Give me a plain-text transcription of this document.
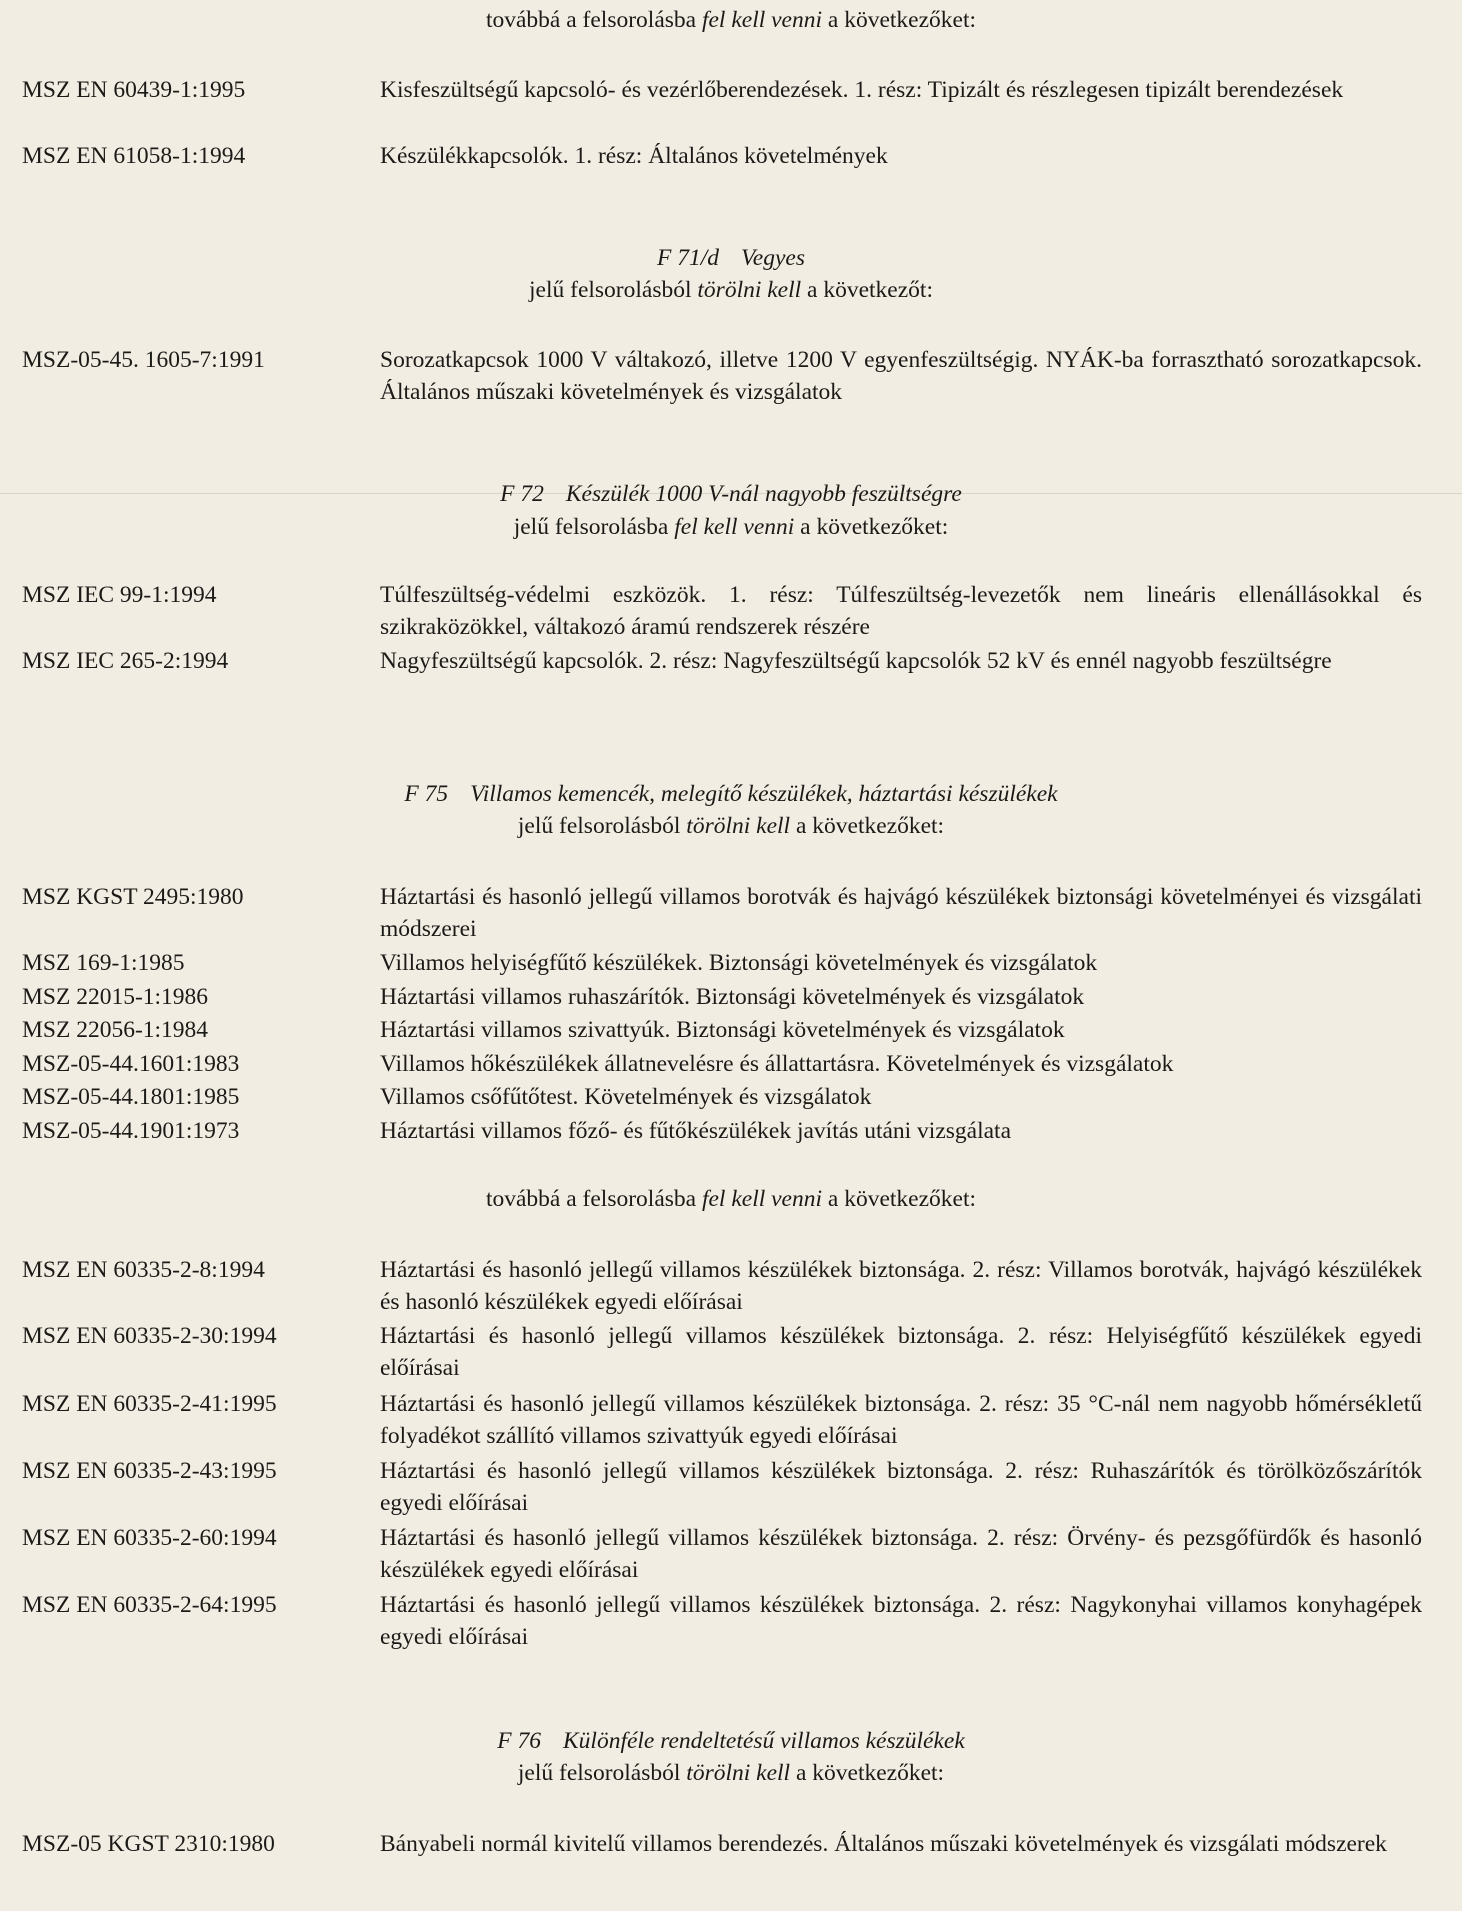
továbbá a felsorolásba fel kell venni a következőket:
MSZ EN 60439-1:1995	Kisfeszültségű kapcsoló- és vezérlőberendezések. 1. rész: Tipizált és részlegesen tipizált berendezések
MSZ EN 61058-1:1994	Készülékkapcsolók. 1. rész: Általános követelmények
F 71/d Vegyes
jelű felsorolásból törölni kell a következőt:
MSZ-05-45. 1605-7:1991	Sorozatkapcsok 1000 V váltakozó, illetve 1200 V egyenfeszültségig. NYÁK-ba forrasztható sorozatkapcsok. Általános műszaki követelmények és vizsgálatok
F 72 Készülék 1000 V-nál nagyobb feszültségre
jelű felsorolásba fel kell venni a következőket:
MSZ IEC 99-1:1994	Túlfeszültség-védelmi eszközök. 1. rész: Túlfeszültség-levezetők nem lineáris ellenállásokkal és szikraközökkel, váltakozó áramú rendszerek részére
MSZ IEC 265-2:1994	Nagyfeszültségű kapcsolók. 2. rész: Nagyfeszültségű kapcsolók 52 kV és ennél nagyobb feszültségre
F 75 Villamos kemencék, melegítő készülékek, háztartási készülékek
jelű felsorolásból törölni kell a következőket:
MSZ KGST 2495:1980	Háztartási és hasonló jellegű villamos borotvák és hajvágó készülékek biztonsági követelményei és vizsgálati módszerei
MSZ 169-1:1985	Villamos helyiségfűtő készülékek. Biztonsági követelmények és vizsgálatok
MSZ 22015-1:1986	Háztartási villamos ruhaszárítók. Biztonsági követelmények és vizsgálatok
MSZ 22056-1:1984	Háztartási villamos szivattyúk. Biztonsági követelmények és vizsgálatok
MSZ-05-44.1601:1983	Villamos hőkészülékek állatnevelésre és állattartásra. Követelmények és vizsgálatok
MSZ-05-44.1801:1985	Villamos csőfűtőtest. Követelmények és vizsgálatok
MSZ-05-44.1901:1973	Háztartási villamos főző- és fűtőkészülékek javítás utáni vizsgálata
továbbá a felsorolásba fel kell venni a következőket:
MSZ EN 60335-2-8:1994	Háztartási és hasonló jellegű villamos készülékek biztonsága. 2. rész: Villamos borotvák, hajvágó készülékek és hasonló készülékek egyedi előírásai
MSZ EN 60335-2-30:1994	Háztartási és hasonló jellegű villamos készülékek biztonsága. 2. rész: Helyiségfűtő készülékek egyedi előírásai
MSZ EN 60335-2-41:1995	Háztartási és hasonló jellegű villamos készülékek biztonsága. 2. rész: 35 °C-nál nem nagyobb hőmérsékletű folyadékot szállító villamos szivattyúk egyedi előírásai
MSZ EN 60335-2-43:1995	Háztartási és hasonló jellegű villamos készülékek biztonsága. 2. rész: Ruhaszárítók és törölközőszárítók egyedi előírásai
MSZ EN 60335-2-60:1994	Háztartási és hasonló jellegű villamos készülékek biztonsága. 2. rész: Örvény- és pezsgőfürdők és hasonló készülékek egyedi előírásai
MSZ EN 60335-2-64:1995	Háztartási és hasonló jellegű villamos készülékek biztonsága. 2. rész: Nagykonyhai villamos konyhagépek egyedi előírásai
F 76 Különféle rendeltetésű villamos készülékek
jelű felsorolásból törölni kell a következőket:
MSZ-05 KGST 2310:1980	Bányabeli normál kivitelű villamos berendezés. Általános műszaki követelmények és vizsgálati módszerek
